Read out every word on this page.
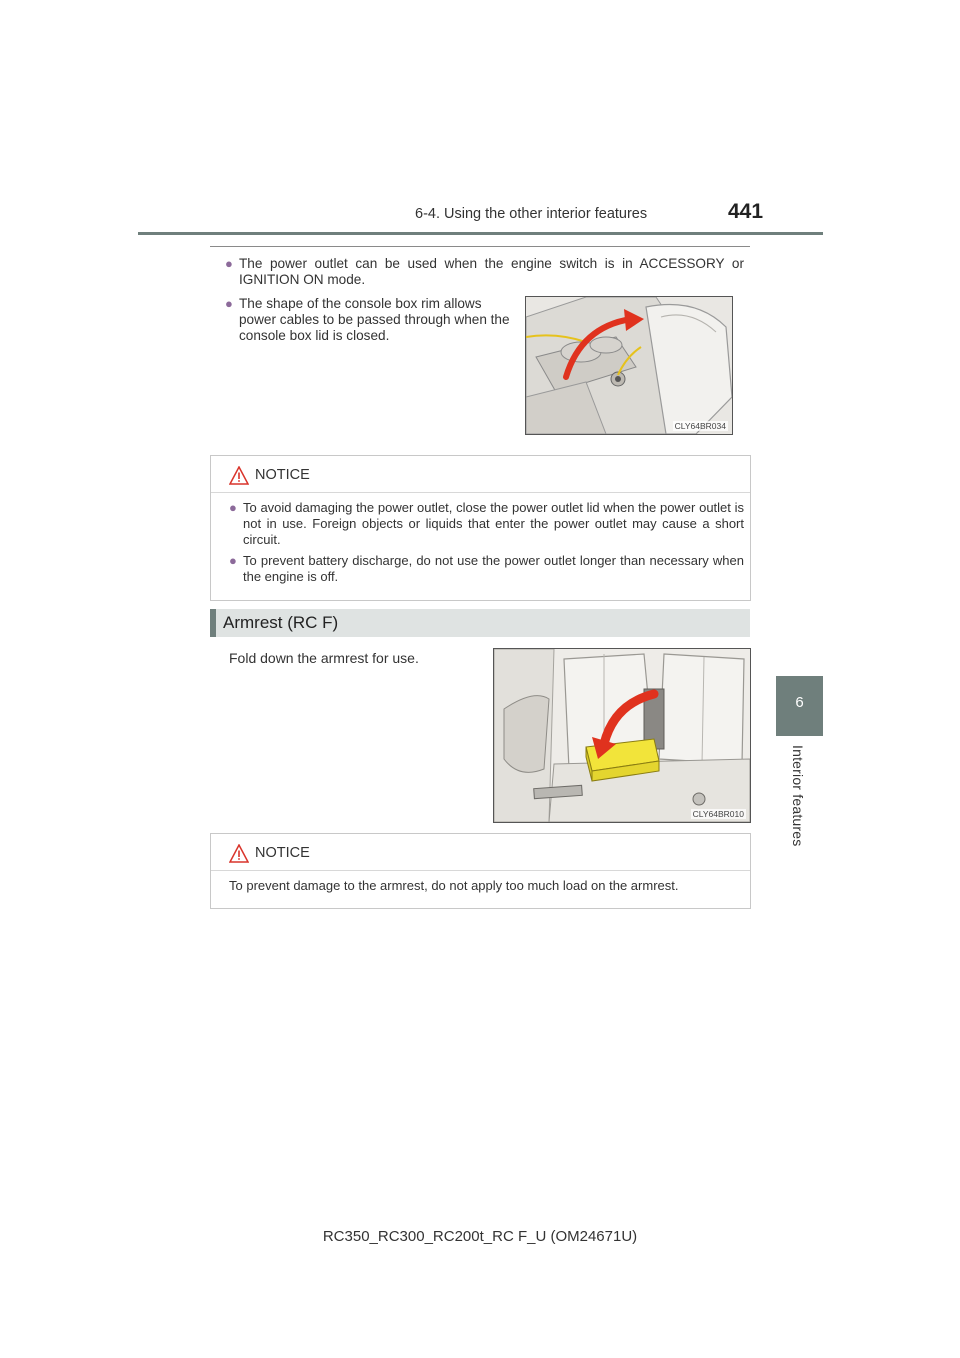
6-4. Using the other interior features	441
6
Interior features
● The power outlet can be used when the engine switch is in ACCESSORY or IGNITION ON mode.
● The shape of the console box rim allows power cables to be passed through when the console box lid is closed.
CLY64BR034
NOTICE
● To avoid damaging the power outlet, close the power outlet lid when the power outlet is not in use. Foreign objects or liquids that enter the power outlet may cause a short circuit.
● To prevent battery discharge, do not use the power outlet longer than necessary when the engine is off.
Armrest (RC F)
Fold down the armrest for use.
CLY64BR010
NOTICE
To prevent damage to the armrest, do not apply too much load on the armrest.
RC350_RC300_RC200t_RC F_U (OM24671U)
